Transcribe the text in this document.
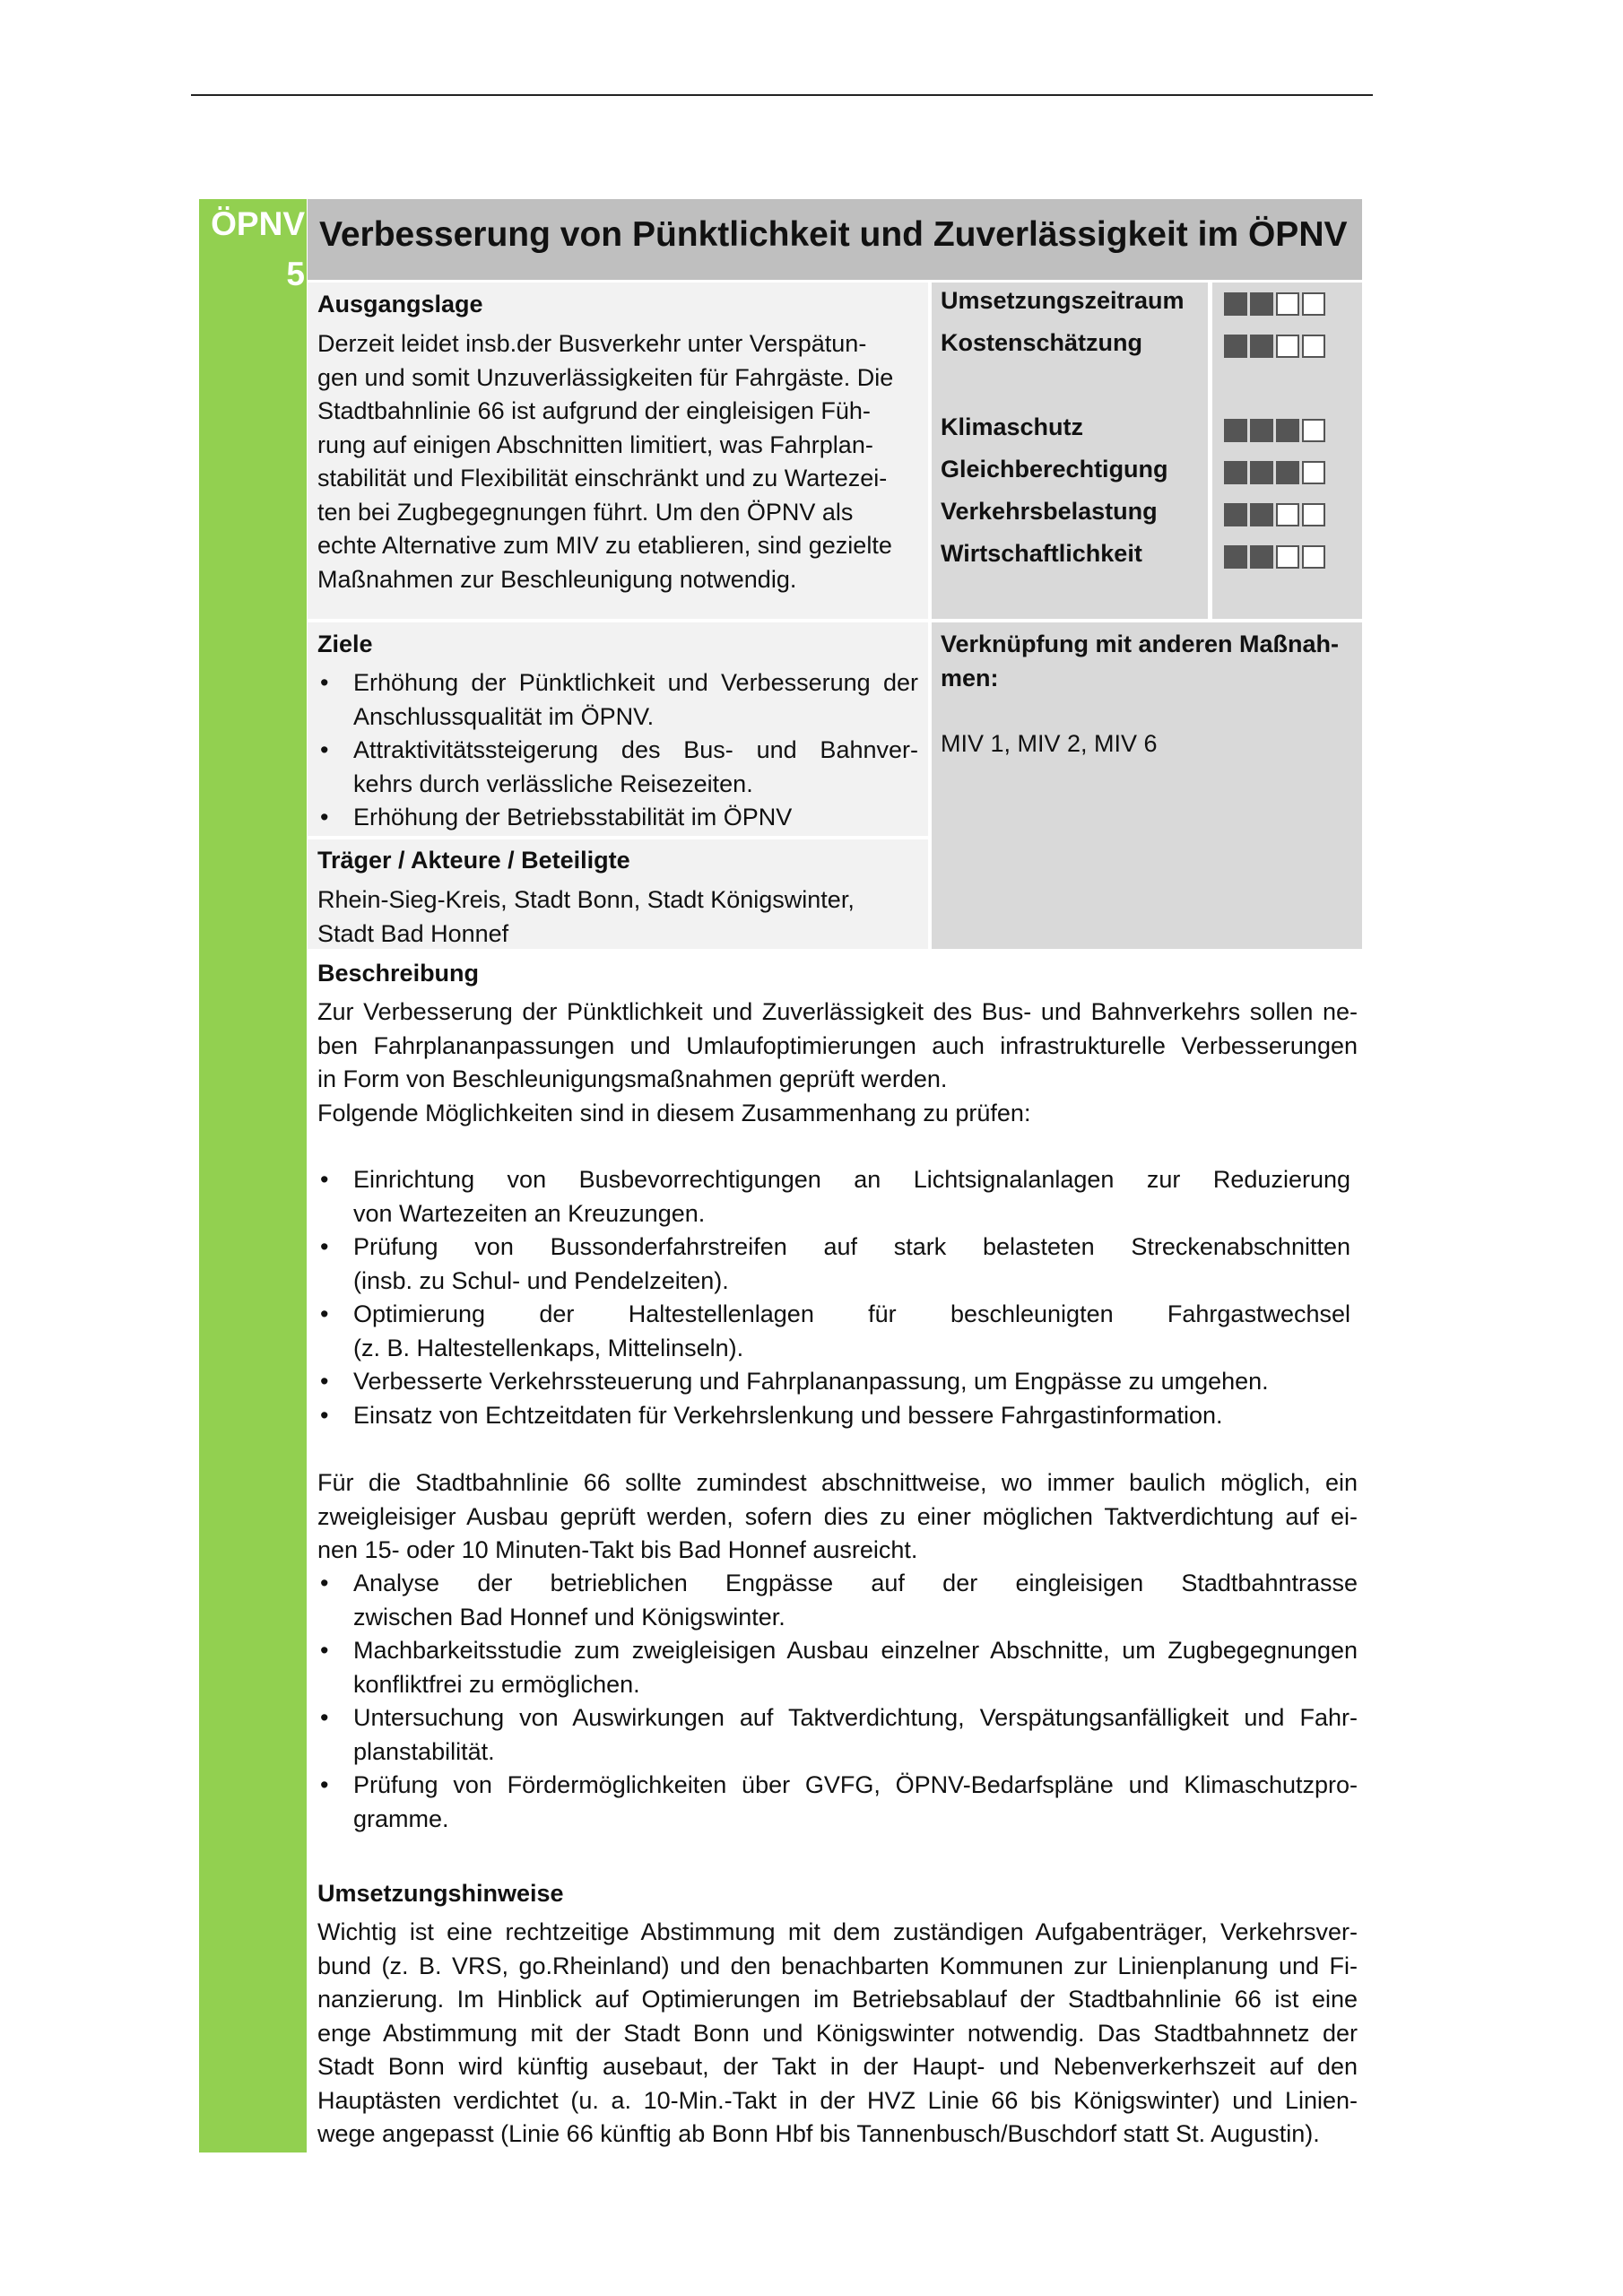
ÖPNV
5
Verbesserung von Pünktlichkeit und Zuverlässigkeit im ÖPNV
Ausgangslage
Derzeit leidet insb.der Busverkehr unter Verspätun-
gen und somit Unzuverlässigkeiten für Fahrgäste. Die
Stadtbahnlinie 66 ist aufgrund der eingleisigen Füh-
rung auf einigen Abschnitten limitiert, was Fahrplan-
stabilität und Flexibilität einschränkt und zu Wartezei-
ten bei Zugbegegnungen führt. Um den ÖPNV als
echte Alternative zum MIV zu etablieren, sind gezielte
Maßnahmen zur Beschleunigung notwendig.
Umsetzungszeitraum
Kostenschätzung
Klimaschutz
Gleichberechtigung
Verkehrsbelastung
Wirtschaftlichkeit
Ziele
• Erhöhung der Pünktlichkeit und Verbesserung der
Anschlussqualität im ÖPNV.
• Attraktivitätssteigerung des Bus- und Bahnver-
kehrs durch verlässliche Reisezeiten.
• Erhöhung der Betriebsstabilität im ÖPNV
Träger / Akteure / Beteiligte
Rhein-Sieg-Kreis, Stadt Bonn, Stadt Königswinter,
Stadt Bad Honnef
Verknüpfung mit anderen Maßnah-
men:
MIV 1, MIV 2, MIV 6
Beschreibung
Zur Verbesserung der Pünktlichkeit und Zuverlässigkeit des Bus- und Bahnverkehrs sollen ne-
ben Fahrplananpassungen und Umlaufoptimierungen auch infrastrukturelle Verbesserungen
in Form von Beschleunigungsmaßnahmen geprüft werden.
Folgende Möglichkeiten sind in diesem Zusammenhang zu prüfen:
• Einrichtung von Busbevorrechtigungen an Lichtsignalanlagen zur Reduzierung
von Wartezeiten an Kreuzungen.
• Prüfung von Bussonderfahrstreifen auf stark belasteten Streckenabschnitten
(insb. zu Schul- und Pendelzeiten).
• Optimierung der Haltestellenlagen für beschleunigten Fahrgastwechsel
(z. B. Haltestellenkaps, Mittelinseln).
• Verbesserte Verkehrssteuerung und Fahrplananpassung, um Engpässe zu umgehen.
• Einsatz von Echtzeitdaten für Verkehrslenkung und bessere Fahrgastinformation.
Für die Stadtbahnlinie 66 sollte zumindest abschnittweise, wo immer baulich möglich, ein
zweigleisiger Ausbau geprüft werden, sofern dies zu einer möglichen Taktverdichtung auf ei-
nen 15- oder 10 Minuten-Takt bis Bad Honnef ausreicht.
• Analyse der betrieblichen Engpässe auf der eingleisigen Stadtbahntrasse
zwischen Bad Honnef und Königswinter.
• Machbarkeitsstudie zum zweigleisigen Ausbau einzelner Abschnitte, um Zugbegegnungen
konfliktfrei zu ermöglichen.
• Untersuchung von Auswirkungen auf Taktverdichtung, Verspätungsanfälligkeit und Fahr-
planstabilität.
• Prüfung von Fördermöglichkeiten über GVFG, ÖPNV-Bedarfspläne und Klimaschutzpro-
gramme.
Umsetzungshinweise
Wichtig ist eine rechtzeitige Abstimmung mit dem zuständigen Aufgabenträger, Verkehrsver-
bund (z. B. VRS, go.Rheinland) und den benachbarten Kommunen zur Linienplanung und Fi-
nanzierung. Im Hinblick auf Optimierungen im Betriebsablauf der Stadtbahnlinie 66 ist eine
enge Abstimmung mit der Stadt Bonn und Königswinter notwendig. Das Stadtbahnnetz der
Stadt Bonn wird künftig ausebaut, der Takt in der Haupt- und Nebenverkerhszeit auf den
Hauptästen verdichtet (u. a. 10-Min.-Takt in der HVZ Linie 66 bis Königswinter) und Linien-
wege angepasst (Linie 66 künftig ab Bonn Hbf bis Tannenbusch/Buschdorf statt St. Augustin).
